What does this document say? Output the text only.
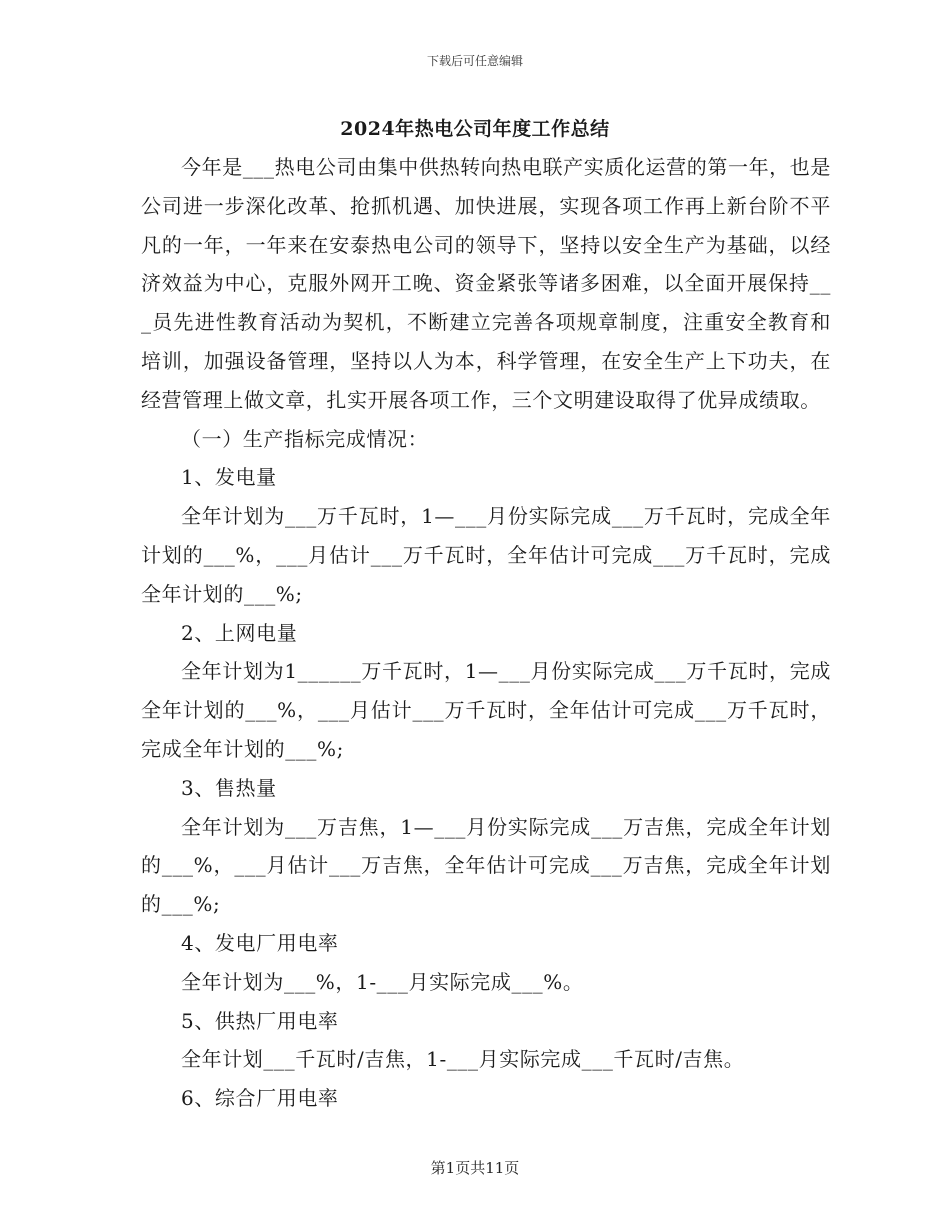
下载后可任意编辑
2024年热电公司年度工作总结

今年是___热电公司由集中供热转向热电联产实质化运营的第一年，也是公司进一步深化改革、抢抓机遇、加快进展，实现各项工作再上新台阶不平凡的一年，一年来在安泰热电公司的领导下，坚持以安全生产为基础，以经济效益为中心，克服外网开工晚、资金紧张等诸多困难，以全面开展保持___员先进性教育活动为契机，不断建立完善各项规章制度，注重安全教育和培训，加强设备管理，坚持以人为本，科学管理，在安全生产上下功夫，在经营管理上做文章，扎实开展各项工作，三个文明建设取得了优异成绩取。

（一）生产指标完成情况：

1、发电量

全年计划为___万千瓦时，1—___月份实际完成___万千瓦时，完成全年计划的___%，___月估计___万千瓦时，全年估计可完成___万千瓦时，完成全年计划的___%;

2、上网电量

全年计划为1______万千瓦时，1—___月份实际完成___万千瓦时，完成全年计划的___%，___月估计___万千瓦时，全年估计可完成___万千瓦时，完成全年计划的___%;

3、售热量

全年计划为___万吉焦，1—___月份实际完成___万吉焦，完成全年计划的___%，___月估计___万吉焦，全年估计可完成___万吉焦，完成全年计划的___%;

4、发电厂用电率

全年计划为___%，1-___月实际完成___%。

5、供热厂用电率

全年计划___千瓦时/吉焦，1-___月实际完成___千瓦时/吉焦。

6、综合厂用电率

第1页共11页
